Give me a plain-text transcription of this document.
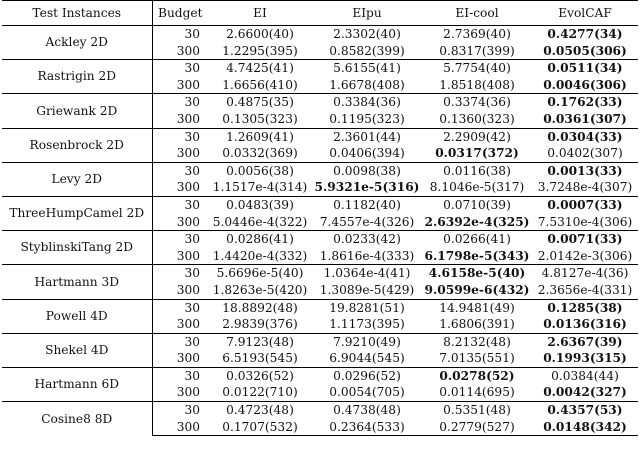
Test Instances	Budget	EI	EIpu	EI-cool	EvolCAF
Ackley 2D	30	2.6600(40)	2.3302(40)	2.7369(40)	0.4277(34)
	300	1.2295(395)	0.8582(399)	0.8317(399)	0.0505(306)
Rastrigin 2D	30	4.7425(41)	5.6155(41)	5.7754(40)	0.0511(34)
	300	1.6656(410)	1.6678(408)	1.8518(408)	0.0046(306)
Griewank 2D	30	0.4875(35)	0.3384(36)	0.3374(36)	0.1762(33)
	300	0.1305(323)	0.1195(323)	0.1360(323)	0.0361(307)
Rosenbrock 2D	30	1.2609(41)	2.3601(44)	2.2909(42)	0.0304(33)
	300	0.0332(369)	0.0406(394)	0.0317(372)	0.0402(307)
Levy 2D	30	0.0056(38)	0.0098(38)	0.0116(38)	0.0013(33)
	300	1.1517e-4(314)	5.9321e-5(316)	8.1046e-5(317)	3.7248e-4(307)
ThreeHumpCamel 2D	30	0.0483(39)	0.1182(40)	0.0710(39)	0.0007(33)
	300	5.0446e-4(322)	7.4557e-4(326)	2.6392e-4(325)	7.5310e-4(306)
StyblinskiTang 2D	30	0.0286(41)	0.0233(42)	0.0266(41)	0.0071(33)
	300	1.4420e-4(332)	1.8616e-4(333)	6.1798e-5(343)	2.0142e-3(306)
Hartmann 3D	30	5.6696e-5(40)	1.0364e-4(41)	4.6158e-5(40)	4.8127e-4(36)
	300	1.8263e-5(420)	1.3089e-5(429)	9.0599e-6(432)	2.3656e-4(331)
Powell 4D	30	18.8892(48)	19.8281(51)	14.9481(49)	0.1285(38)
	300	2.9839(376)	1.1173(395)	1.6806(391)	0.0136(316)
Shekel 4D	30	7.9123(48)	7.9210(49)	8.2132(48)	2.6367(39)
	300	6.5193(545)	6.9044(545)	7.0135(551)	0.1993(315)
Hartmann 6D	30	0.0326(52)	0.0296(52)	0.0278(52)	0.0384(44)
	300	0.0122(710)	0.0054(705)	0.0114(695)	0.0042(327)
Cosine8 8D	30	0.4723(48)	0.4738(48)	0.5351(48)	0.4357(53)
	300	0.1707(532)	0.2364(533)	0.2779(527)	0.0148(342)
